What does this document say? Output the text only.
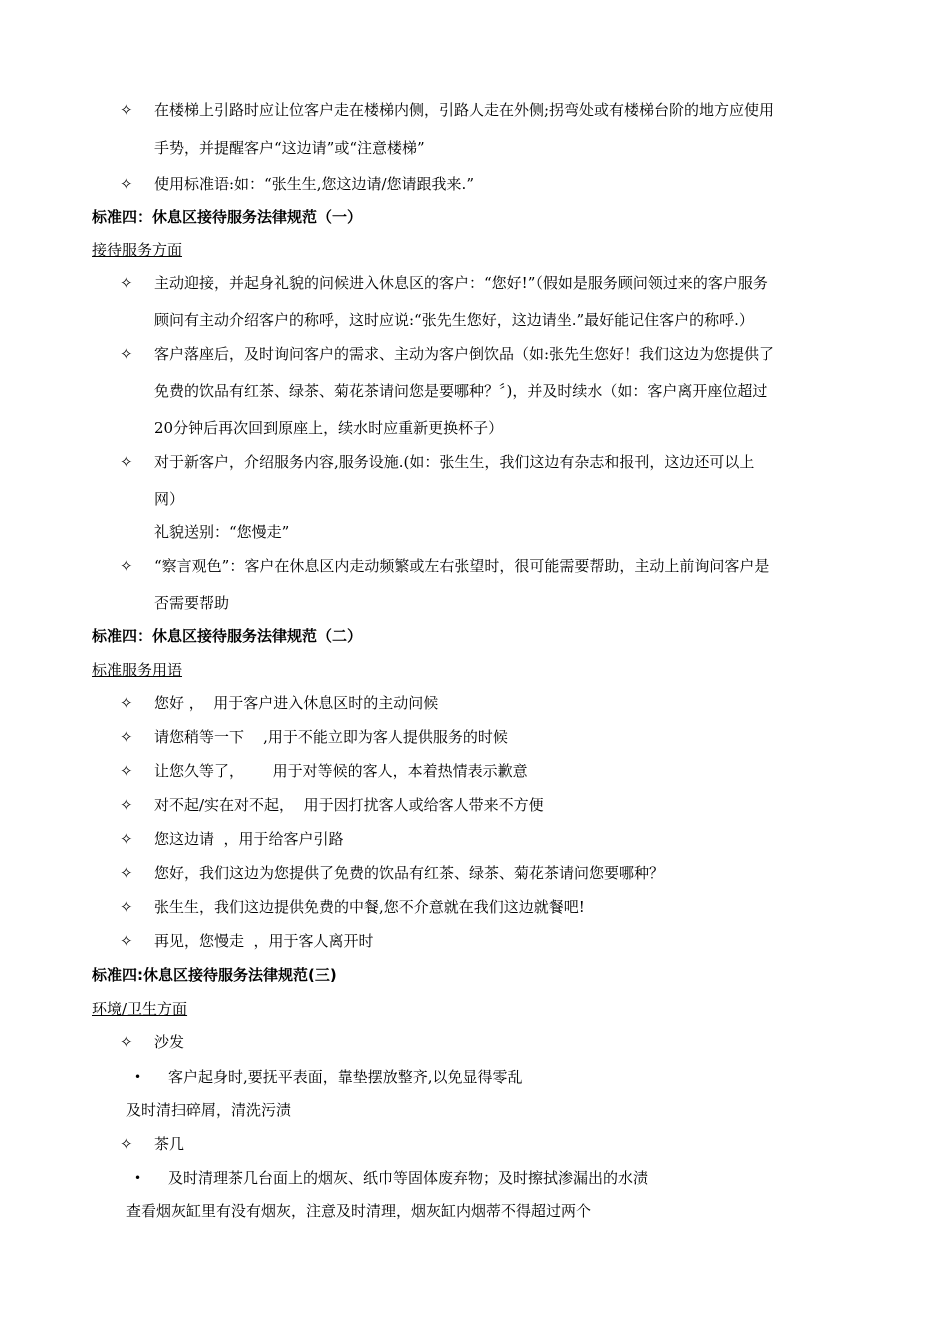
✧ 在楼梯上引路时应让位客户走在楼梯内侧，引路人走在外侧;拐弯处或有楼梯台阶的地方应使用
手势，并提醒客户“这边请”或“注意楼梯”
✧ 使用标准语:如：“张生生,您这边请/您请跟我来.”
标准四：休息区接待服务法律规范（一）
接待服务方面
✧ 主动迎接，并起身礼貌的问候进入休息区的客户：“您好!”（假如是服务顾问领过来的客户服务
顾问有主动介绍客户的称呼，这时应说:“张先生您好，这边请坐.”最好能记住客户的称呼.）
✧ 客户落座后，及时询问客户的需求、主动为客户倒饮品（如:张先生您好！我们这边为您提供了
免费的饮品有红茶、绿茶、菊花茶请问您是要哪种？〞)，并及时续水（如：客户离开座位超过
20分钟后再次回到原座上，续水时应重新更换杯子）
✧ 对于新客户，介绍服务内容,服务设施.(如：张生生，我们这边有杂志和报刊，这边还可以上
网）
礼貌送别：“您慢走”
✧ “察言观色”：客户在休息区内走动频繁或左右张望时，很可能需要帮助，主动上前询问客户是
否需要帮助
标准四：休息区接待服务法律规范（二）
标准服务用语
✧ 您好 ，  用于客户进入休息区时的主动问候
✧ 请您稍等一下    ,用于不能立即为客人提供服务的时候
✧ 让您久等了，      用于对等候的客人，本着热情表示歉意
✧ 对不起/实在对不起，  用于因打扰客人或给客人带来不方便
✧ 您这边请  ，用于给客户引路
✧ 您好，我们这边为您提供了免费的饮品有红茶、绿茶、菊花茶请问您要哪种？
✧ 张生生，我们这边提供免费的中餐,您不介意就在我们这边就餐吧!
✧ 再见，您慢走  ，用于客人离开时
标准四:休息区接待服务法律规范(三)
环境/卫生方面
✧ 沙发
• 客户起身时,要抚平表面，靠垫摆放整齐,以免显得零乱
及时清扫碎屑，清洗污渍
✧ 茶几
• 及时清理茶几台面上的烟灰、纸巾等固体废弃物；及时擦拭渗漏出的水渍
查看烟灰缸里有没有烟灰，注意及时清理，烟灰缸内烟蒂不得超过两个
